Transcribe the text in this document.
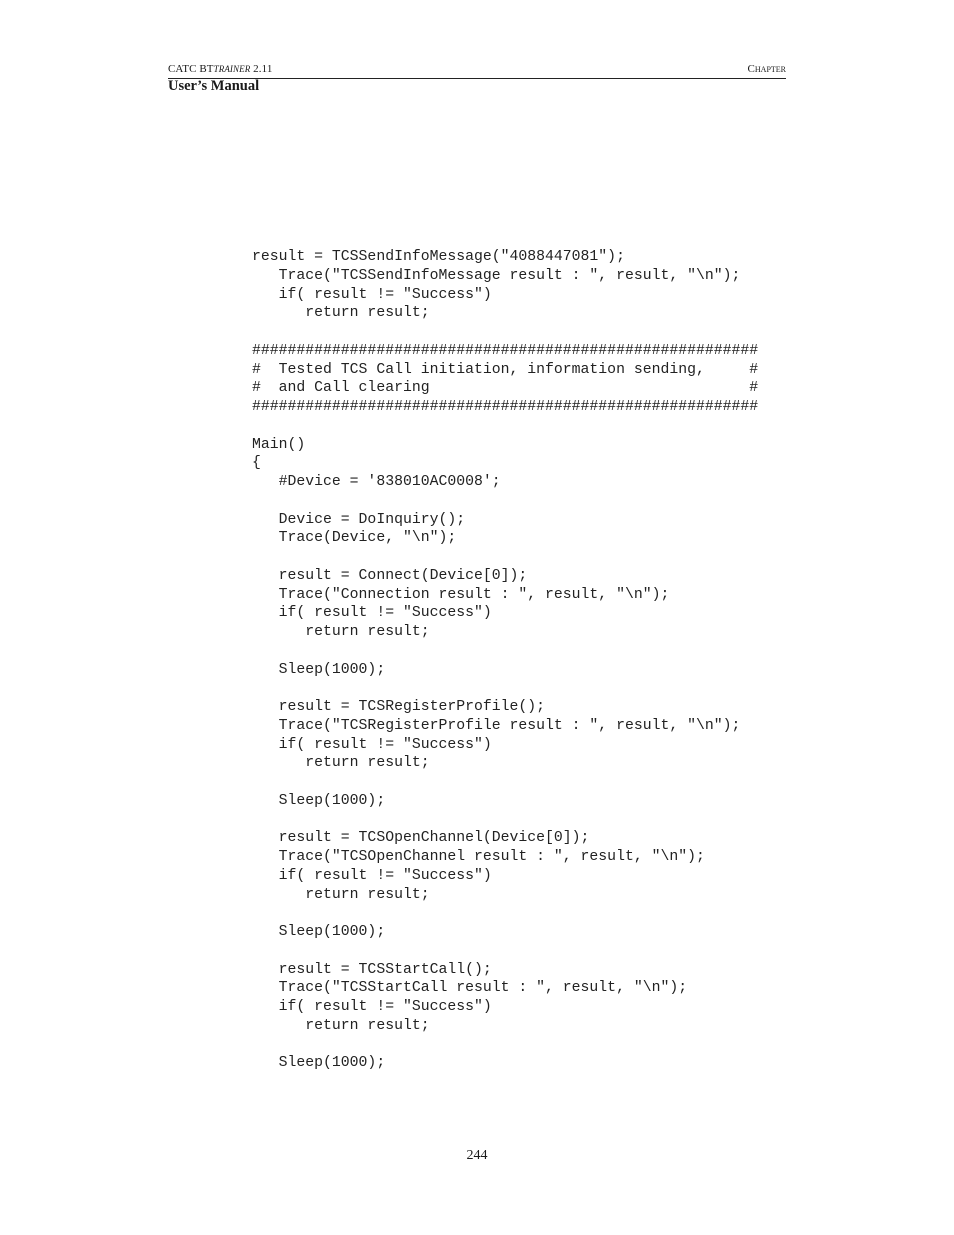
CATC BTTRAINER 2.11	Chapter
User’s Manual
result = TCSSendInfoMessage("4088447081");
Trace("TCSSendInfoMessage result : ", result, "\n");
if( result != "Success")
return result;
#########################################################
#  Tested TCS Call initiation, information sending,     #
#  and Call clearing                                    #
#########################################################
Main()
{
#Device = '838010AC0008';
Device = DoInquiry();
Trace(Device, "\n");
result = Connect(Device[0]);
Trace("Connection result : ", result, "\n");
if( result != "Success")
return result;
Sleep(1000);
result = TCSRegisterProfile();
Trace("TCSRegisterProfile result : ", result, "\n");
if( result != "Success")
return result;
Sleep(1000);
result = TCSOpenChannel(Device[0]);
Trace("TCSOpenChannel result : ", result, "\n");
if( result != "Success")
return result;
Sleep(1000);
result = TCSStartCall();
Trace("TCSStartCall result : ", result, "\n");
if( result != "Success")
return result;
Sleep(1000);
244
